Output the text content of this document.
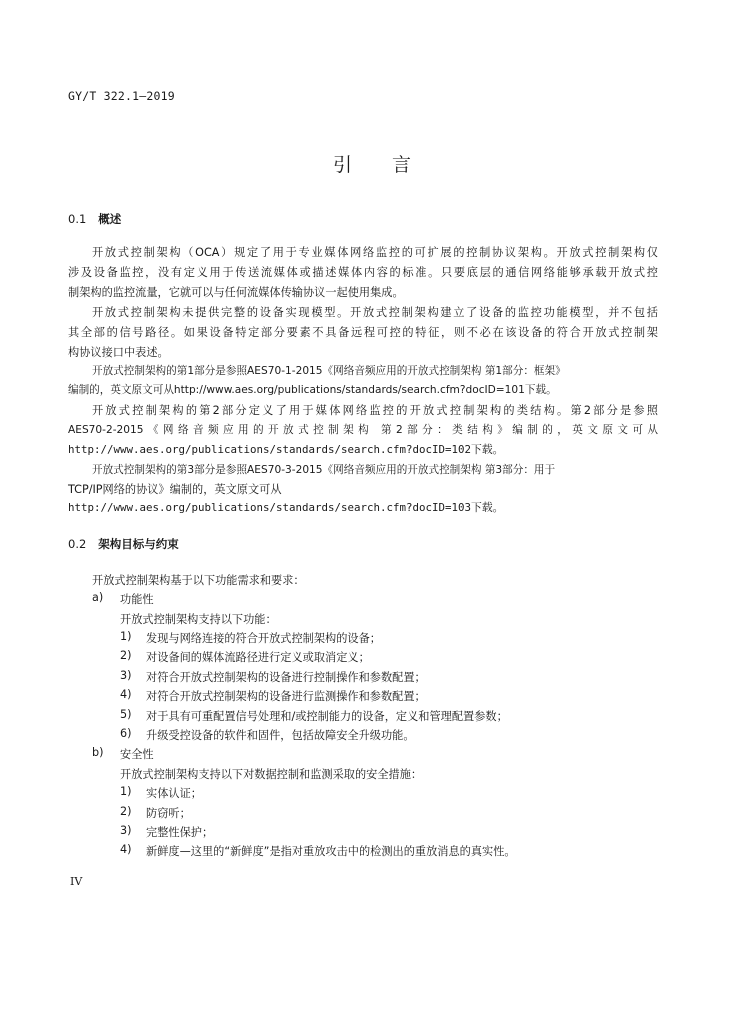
GY/T 322.1—2019
引 言
0.1 概述
开放式控制架构（OCA）规定了用于专业媒体网络监控的可扩展的控制协议架构。开放式控制架构仅
涉及设备监控，没有定义用于传送流媒体或描述媒体内容的标准。只要底层的通信网络能够承载开放式控
制架构的监控流量，它就可以与任何流媒体传输协议一起使用集成。
开放式控制架构未提供完整的设备实现模型。开放式控制架构建立了设备的监控功能模型，并不包括
其全部的信号路径。如果设备特定部分要素不具备远程可控的特征，则不必在该设备的符合开放式控制架
构协议接口中表述。
开放式控制架构的第1部分是参照AES70-1-2015《网络音频应用的开放式控制架构 第1部分：框架》
编制的，英文原文可从http://www.aes.org/publications/standards/search.cfm?docID=101下载。
开放式控制架构的第2部分定义了用于媒体网络监控的开放式控制架构的类结构。第2部分是参照
AES70-2-2015《网络音频应用的开放式控制架构 第2部分：类结构》编制的，英文原文可从
http://www.aes.org/publications/standards/search.cfm?docID=102下载。
开放式控制架构的第3部分是参照AES70-3-2015《网络音频应用的开放式控制架构 第3部分：用于
TCP/IP网络的协议》编制的，英文原文可从
http://www.aes.org/publications/standards/search.cfm?docID=103下载。
0.2 架构目标与约束
开放式控制架构基于以下功能需求和要求：
a) 功能性
开放式控制架构支持以下功能：
1) 发现与网络连接的符合开放式控制架构的设备；
2) 对设备间的媒体流路径进行定义或取消定义；
3) 对符合开放式控制架构的设备进行控制操作和参数配置；
4) 对符合开放式控制架构的设备进行监测操作和参数配置；
5) 对于具有可重配置信号处理和/或控制能力的设备，定义和管理配置参数；
6) 升级受控设备的软件和固件，包括故障安全升级功能。
b) 安全性
开放式控制架构支持以下对数据控制和监测采取的安全措施：
1) 实体认证；
2) 防窃听；
3) 完整性保护；
4) 新鲜度—这里的“新鲜度”是指对重放攻击中的检测出的重放消息的真实性。
IV
